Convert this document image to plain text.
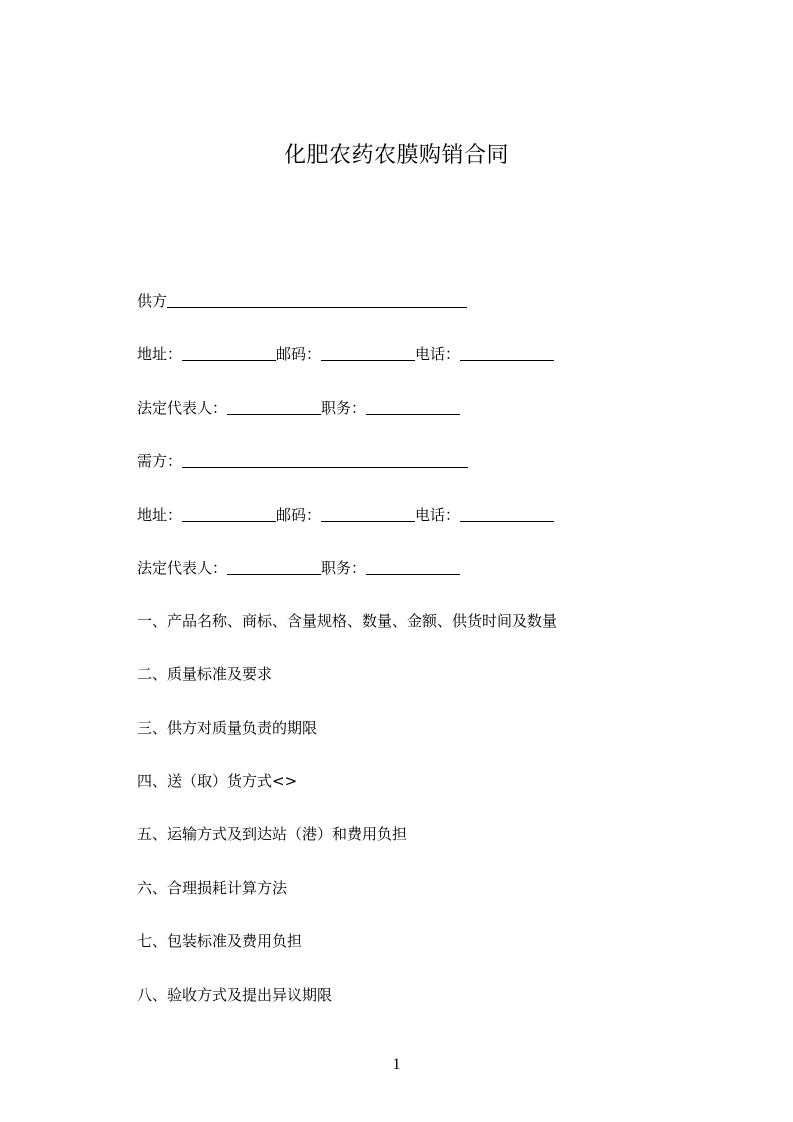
化肥农药农膜购销合同
供方
地址：	邮码：	电话：
法定代表人：	职务：
需方：
地址：	邮码：	电话：
法定代表人：	职务：
一、产品名称、商标、含量规格、数量、金额、供货时间及数量
二、质量标准及要求
三、供方对质量负责的期限
四、送（取）货方式<>
五、运输方式及到达站（港）和费用负担
六、合理损耗计算方法
七、包装标准及费用负担
八、验收方式及提出异议期限
1
